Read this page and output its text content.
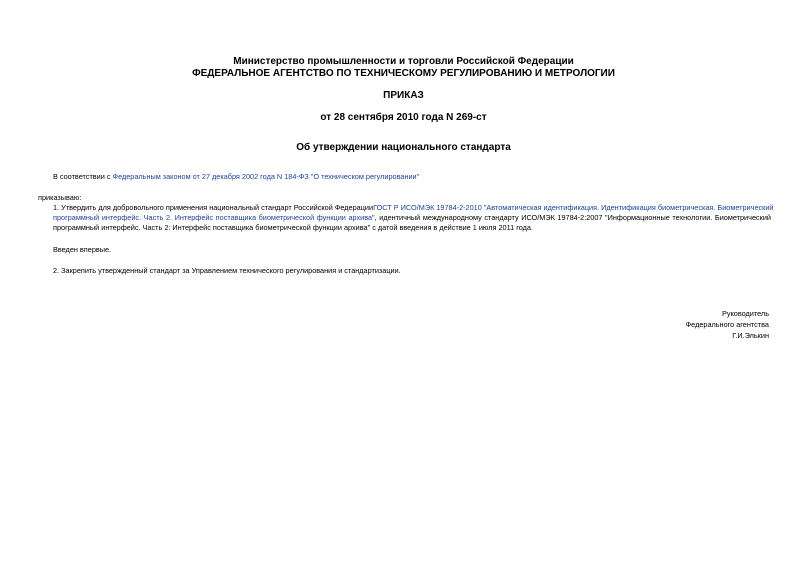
Министерство промышленности и торговли Российской Федерации
ФЕДЕРАЛЬНОЕ АГЕНТСТВО ПО ТЕХНИЧЕСКОМУ РЕГУЛИРОВАНИЮ И МЕТРОЛОГИИ
ПРИКАЗ
от 28 сентября 2010 года N 269-ст
Об утверждении национального стандарта
В соответствии с Федеральным законом от 27 декабря 2002 года N 184-ФЗ "О техническом регулировании"
приказываю:
1. Утвердить для добровольного применения национальный стандарт Российской ФедерацииГОСТ Р ИСО/МЭК 19784-2-2010 "Автоматическая идентификация. Идентификация биометрическая. Биометрический
программный интерфейс. Часть 2. Интерфейс поставщика биометрической функции архива", идентичный международному стандарту ИСО/МЭК 19784-2:2007 "Информационные технологии. Биометрический
программный интерфейс. Часть 2: Интерфейс поставщика биометрической функции архива" с датой введения в действие 1 июля 2011 года.
Введен впервые.
2. Закрепить утвержденный стандарт за Управлением технического регулирования и стандартизации.
Руководитель
Федерального агентства
Г.И.Элькин
